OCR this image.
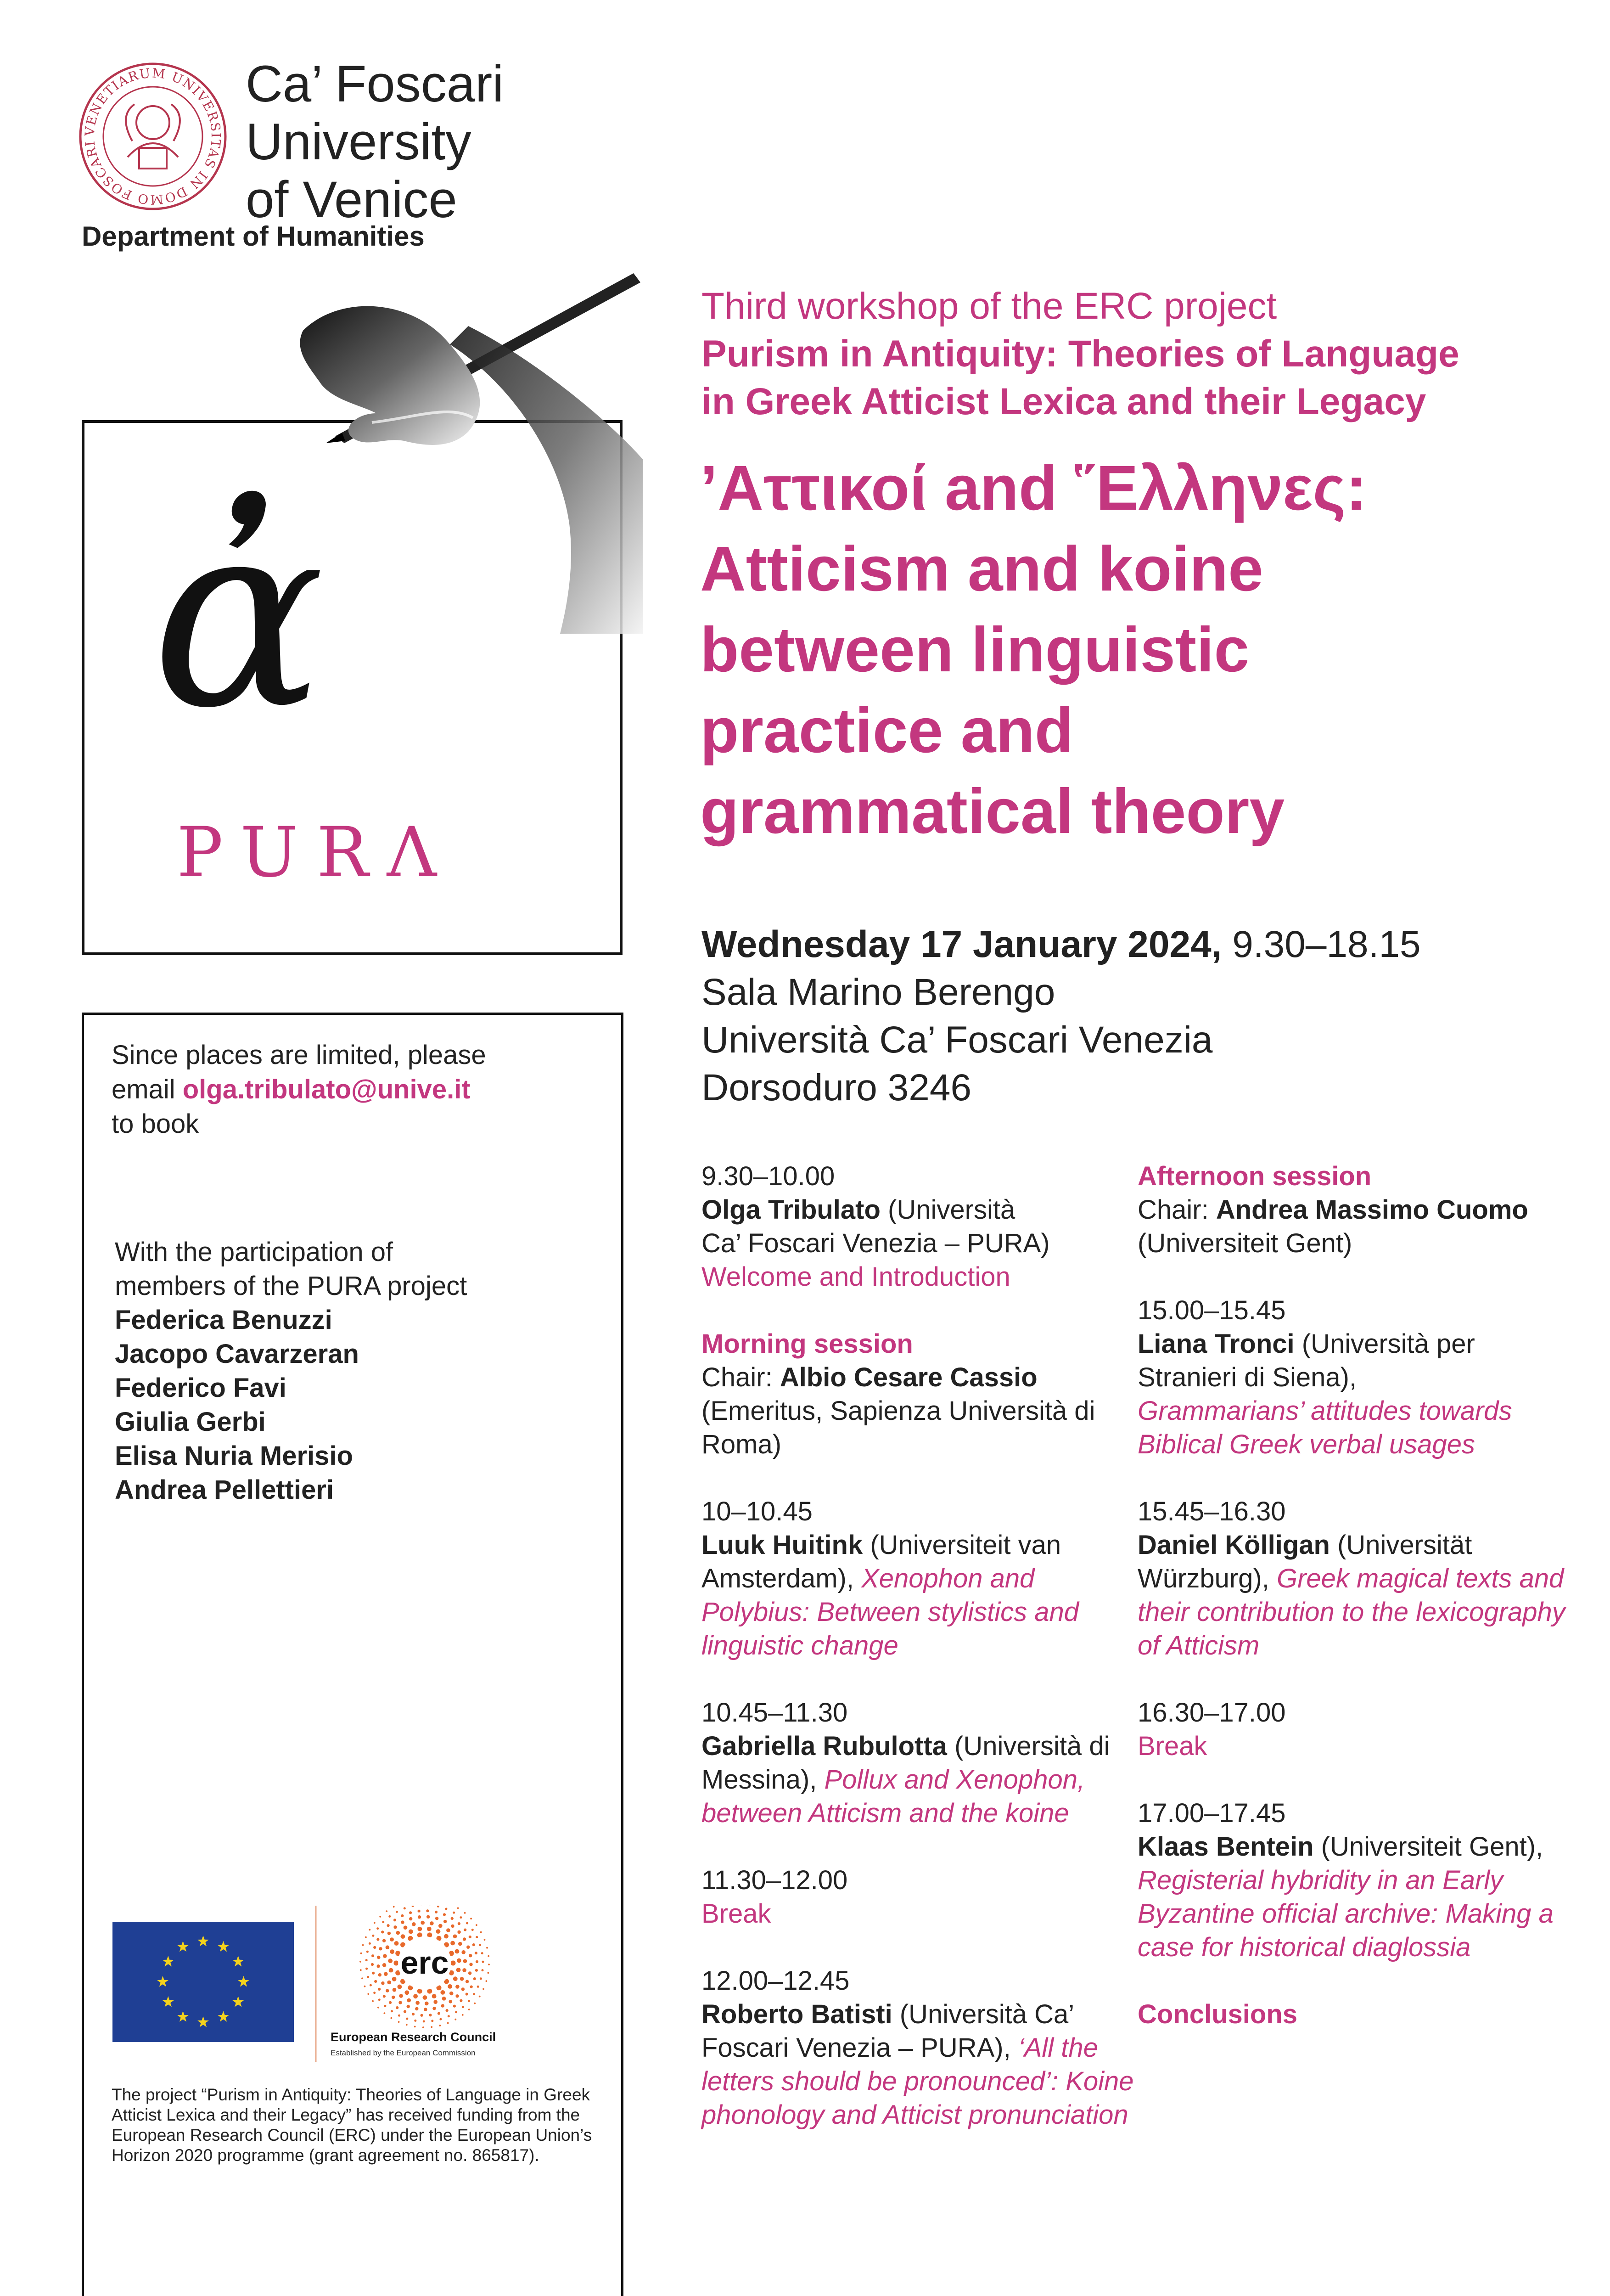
VENETIARUM UNIVERSITAS IN DOMO FOSCARI
Ca’ Foscari
University
of Venice
Department of Humanities
ἀ
PURΛ
Since places are limited, please
email olga.tribulato@unive.it
to book
With the participation of
members of the PURA project
Federica Benuzzi
Jacopo Cavarzeran
Federico Favi
Giulia Gerbi
Elisa Nuria Merisio
Andrea Pellettieri
erc
European Research Council
Established by the European Commission
The project “Purism in Antiquity: Theories of Language in Greek Atticist Lexica and their Legacy” has received funding from the European Research Council (ERC) under the European Union’s Horizon 2020 programme (grant agreement no. 865817).
Third workshop of the ERC project
Purism in Antiquity: Theories of Language
in Greek Atticist Lexica and their Legacy
’Αττικοί and ῞Ελληνες:
Atticism and koine
between linguistic
practice and
grammatical theory
Wednesday 17 January 2024, 9.30–18.15
Sala Marino Berengo
Università Ca’ Foscari Venezia
Dorsoduro 3246
9.30–10.00
Olga Tribulato (Università
Ca’ Foscari Venezia – PURA)
Welcome and Introduction
Morning session
Chair: Albio Cesare Cassio
(Emeritus, Sapienza Università di Roma)
10–10.45
Luuk Huitink (Universiteit van Amsterdam), Xenophon and Polybius: Between stylistics and linguistic change
10.45–11.30
Gabriella Rubulotta (Università di Messina), Pollux and Xenophon, between Atticism and the koine
11.30–12.00
Break
12.00–12.45
Roberto Batisti (Università Ca’ Foscari Venezia – PURA), ‘All the letters should be pronounced’: Koine phonology and Atticist pronunciation
Afternoon session
Chair: Andrea Massimo Cuomo
(Universiteit Gent)
15.00–15.45
Liana Tronci (Università per Stranieri di Siena),
Grammarians’ attitudes towards Biblical Greek verbal usages
15.45–16.30
Daniel Kölligan (Universität Würzburg), Greek magical texts and their contribution to the lexicography of Atticism
16.30–17.00
Break
17.00–17.45
Klaas Bentein (Universiteit Gent), Registerial hybridity in an Early Byzantine official archive: Making a case for historical diaglossia
Conclusions
